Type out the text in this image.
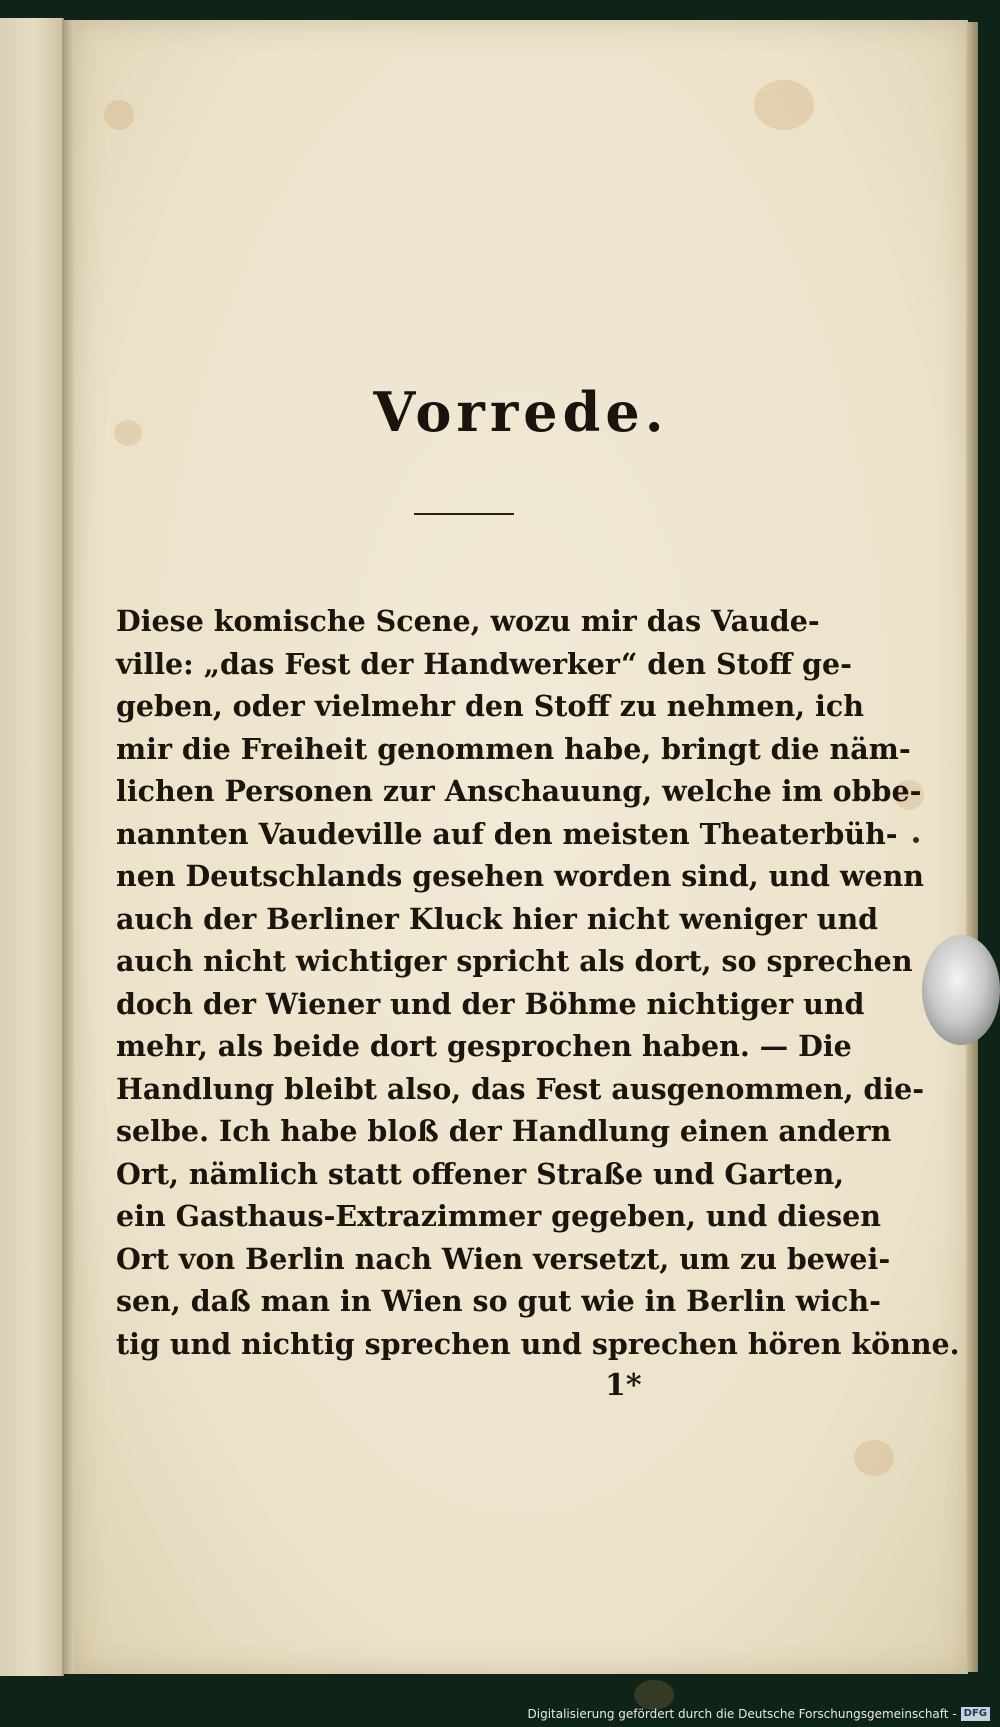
Vorrede.
Diese komische Scene, wozu mir das Vaude-
ville: „das Fest der Handwerker“ den Stoff ge-
geben, oder vielmehr den Stoff zu nehmen, ich
mir die Freiheit genommen habe, bringt die näm-
lichen Personen zur Anschauung, welche im obbe-
nannten Vaudeville auf den meisten Theaterbüh-
nen Deutschlands gesehen worden sind, und wenn
auch der Berliner Kluck hier nicht weniger und
auch nicht wichtiger spricht als dort, so sprechen
doch der Wiener und der Böhme nichtiger und
mehr, als beide dort gesprochen haben. — Die
Handlung bleibt also, das Fest ausgenommen, die-
selbe. Ich habe bloß der Handlung einen andern
Ort, nämlich statt offener Straße und Garten,
ein Gasthaus-Extrazimmer gegeben, und diesen
Ort von Berlin nach Wien versetzt, um zu bewei-
sen, daß man in Wien so gut wie in Berlin wich-
tig und nichtig sprechen und sprechen hören könne.
1*
Digitalisierung gefördert durch die Deutsche Forschungsgemeinschaft - DFG
